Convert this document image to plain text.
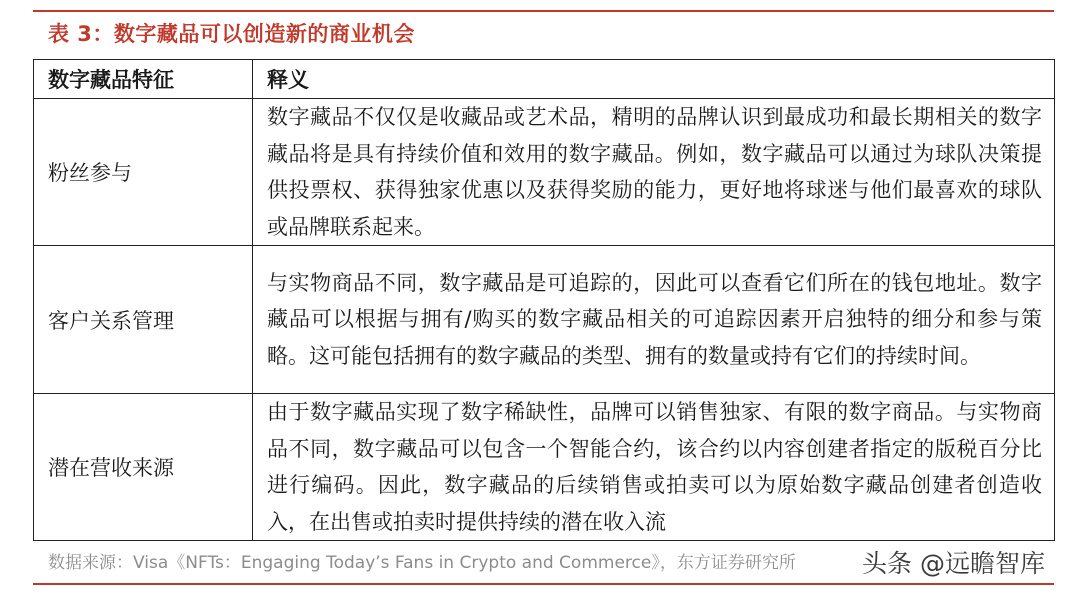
表 3：数字藏品可以创造新的商业机会
数字藏品特征	释义
粉丝参与	数字藏品不仅仅是收藏品或艺术品，精明的品牌认识到最成功和最长期相关的数字藏品将是具有持续价值和效用的数字藏品。例如，数字藏品可以通过为球队决策提供投票权、获得独家优惠以及获得奖励的能力，更好地将球迷与他们最喜欢的球队或品牌联系起来。
客户关系管理	与实物商品不同，数字藏品是可追踪的，因此可以查看它们所在的钱包地址。数字藏品可以根据与拥有/购买的数字藏品相关的可追踪因素开启独特的细分和参与策略。这可能包括拥有的数字藏品的类型、拥有的数量或持有它们的持续时间。
潜在营收来源	由于数字藏品实现了数字稀缺性，品牌可以销售独家、有限的数字商品。与实物商品不同，数字藏品可以包含一个智能合约，该合约以内容创建者指定的版税百分比进行编码。因此，数字藏品的后续销售或拍卖可以为原始数字藏品创建者创造收入，在出售或拍卖时提供持续的潜在收入流
数据来源：Visa《NFTs：Engaging Today’s Fans in Crypto and Commerce》，东方证券研究所	头条 @远瞻智库
